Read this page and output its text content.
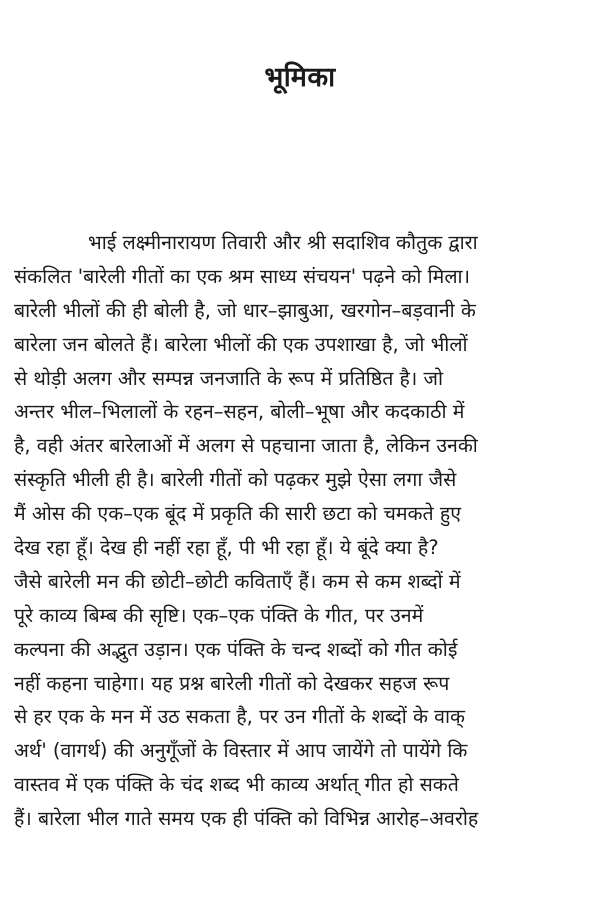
भूमिका
भाई लक्ष्मीनारायण तिवारी और श्री सदाशिव कौतुक द्वारा
संकलित 'बारेली गीतों का एक श्रम साध्य संचयन' पढ़ने को मिला।
बारेली भीलों की ही बोली है, जो धार–झाबुआ, खरगोन–बड़वानी के
बारेला जन बोलते हैं। बारेला भीलों की एक उपशाखा है, जो भीलों
से थोड़ी अलग और सम्पन्न जनजाति के रूप में प्रतिष्ठित है। जो
अन्तर भील–भिलालों के रहन–सहन, बोली–भूषा और कदकाठी में
है, वही अंतर बारेलाओं में अलग से पहचाना जाता है, लेकिन उनकी
संस्कृति भीली ही है। बारेली गीतों को पढ़कर मुझे ऐसा लगा जैसे
मैं ओस की एक–एक बूंद में प्रकृति की सारी छटा को चमकते हुए
देख रहा हूँ। देख ही नहीं रहा हूँ, पी भी रहा हूँ। ये बूंदे क्या है?
जैसे बारेली मन की छोटी–छोटी कविताएँ हैं। कम से कम शब्दों में
पूरे काव्य बिम्ब की सृष्टि। एक–एक पंक्ति के गीत, पर उनमें
कल्पना की अद्भुत उड़ान। एक पंक्ति के चन्द शब्दों को गीत कोई
नहीं कहना चाहेगा। यह प्रश्न बारेली गीतों को देखकर सहज रूप
से हर एक के मन में उठ सकता है, पर उन गीतों के शब्दों के वाक्
अर्थ' (वागर्थ) की अनुगूँजों के विस्तार में आप जायेंगे तो पायेंगे कि
वास्तव में एक पंक्ति के चंद शब्द भी काव्य अर्थात् गीत हो सकते
हैं। बारेला भील गाते समय एक ही पंक्ति को विभिन्न आरोह–अवरोह
